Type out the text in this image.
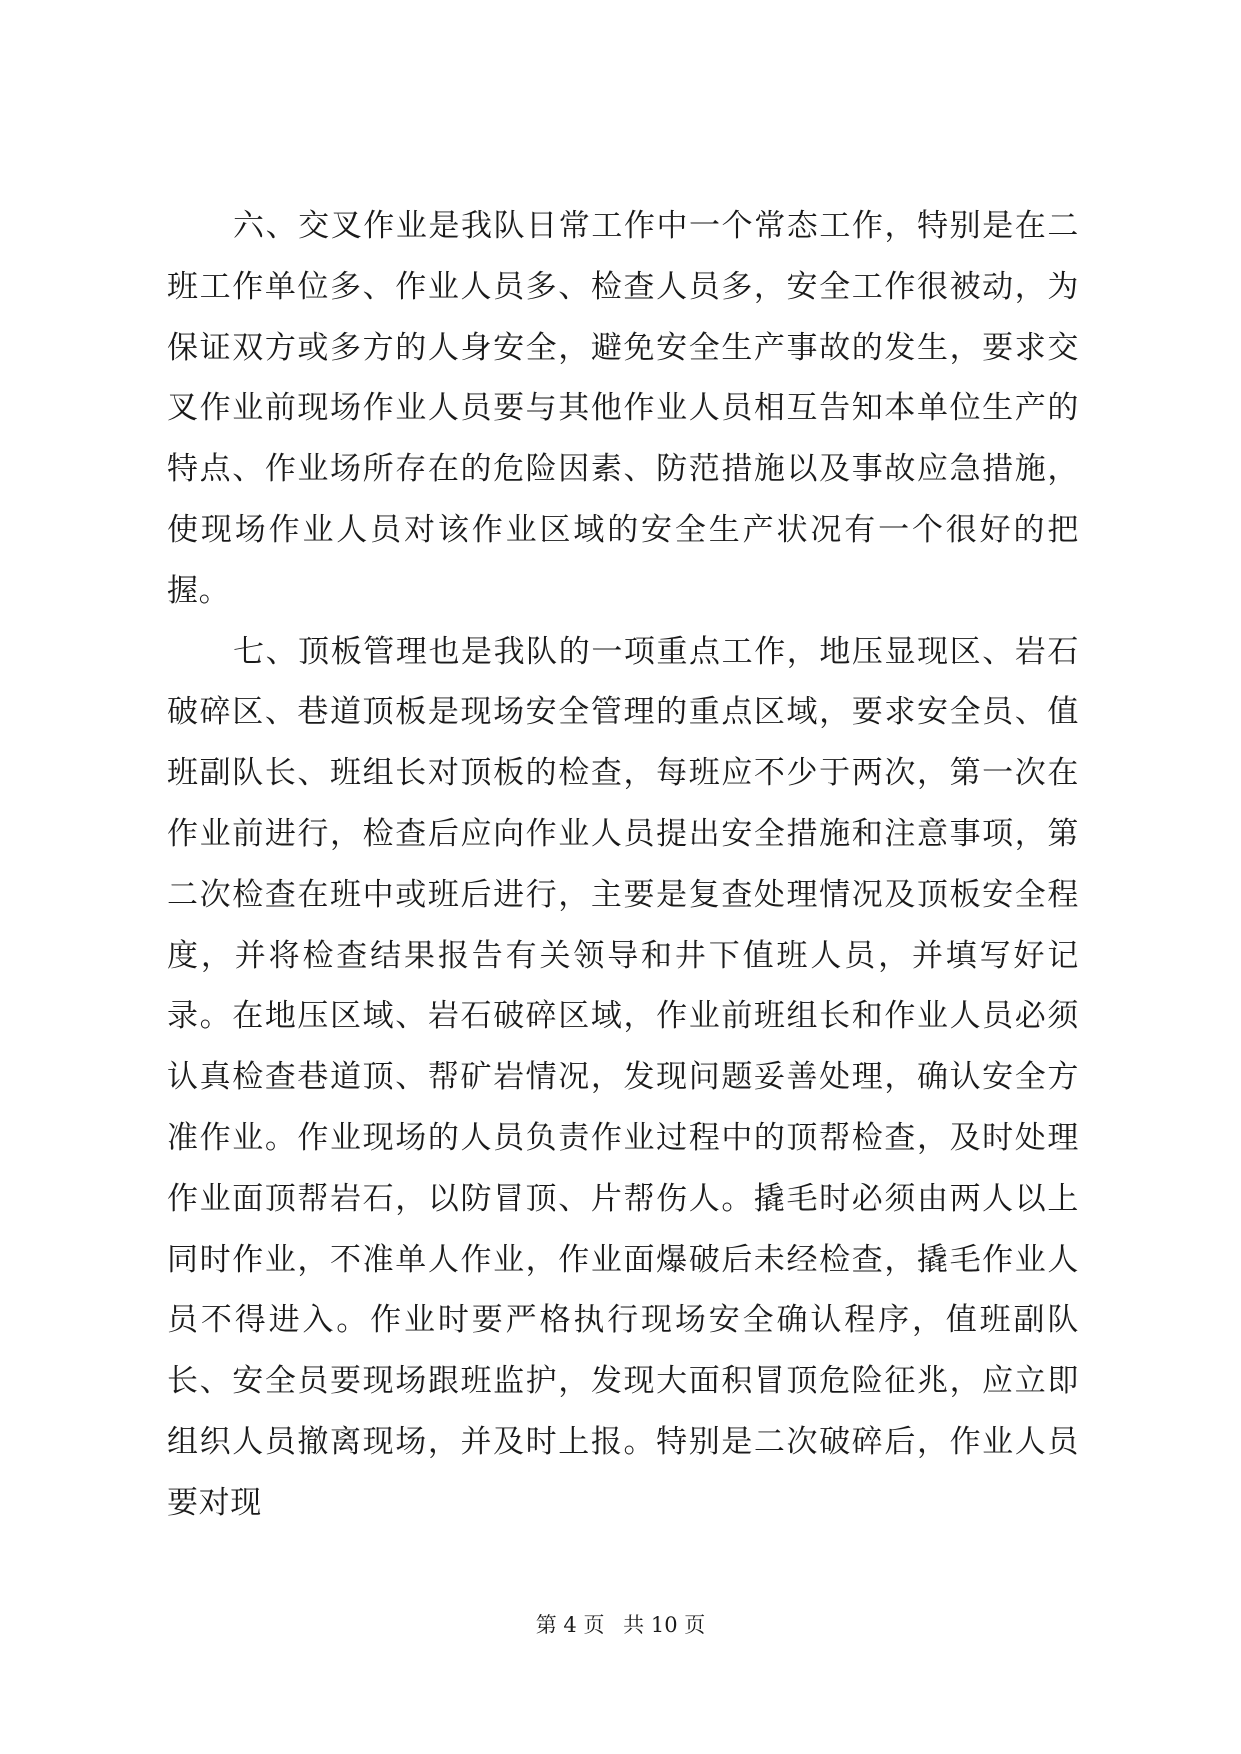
六、交叉作业是我队日常工作中一个常态工作，特别是在二班工作单位多、作业人员多、检查人员多，安全工作很被动，为保证双方或多方的人身安全，避免安全生产事故的发生，要求交叉作业前现场作业人员要与其他作业人员相互告知本单位生产的特点、作业场所存在的危险因素、防范措施以及事故应急措施，使现场作业人员对该作业区域的安全生产状况有一个很好的把握。

七、顶板管理也是我队的一项重点工作，地压显现区、岩石破碎区、巷道顶板是现场安全管理的重点区域，要求安全员、值班副队长、班组长对顶板的检查，每班应不少于两次，第一次在作业前进行，检查后应向作业人员提出安全措施和注意事项，第二次检查在班中或班后进行，主要是复查处理情况及顶板安全程度，并将检查结果报告有关领导和井下值班人员，并填写好记录。在地压区域、岩石破碎区域，作业前班组长和作业人员必须认真检查巷道顶、帮矿岩情况，发现问题妥善处理，确认安全方准作业。作业现场的人员负责作业过程中的顶帮检查，及时处理作业面顶帮岩石，以防冒顶、片帮伤人。撬毛时必须由两人以上同时作业，不准单人作业，作业面爆破后未经检查，撬毛作业人员不得进入。作业时要严格执行现场安全确认程序，值班副队长、安全员要现场跟班监护，发现大面积冒顶危险征兆，应立即组织人员撤离现场，并及时上报。特别是二次破碎后，作业人员要对现

第 4 页 共 10 页
